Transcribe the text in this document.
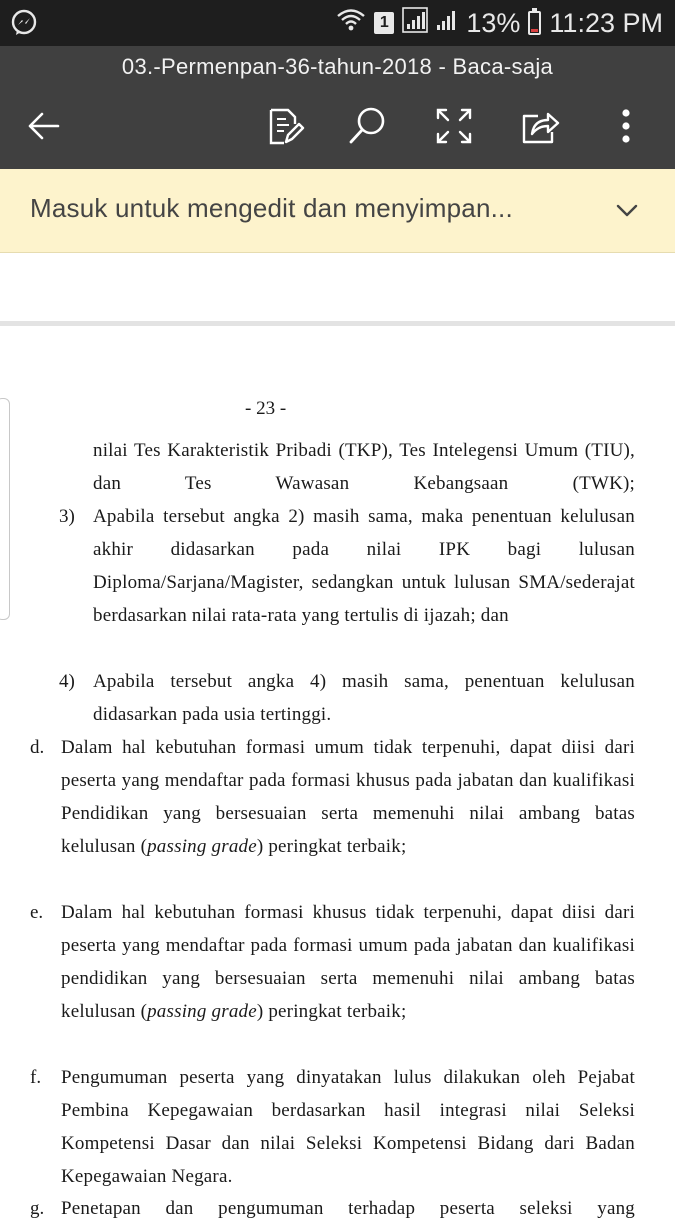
1	13% 11:23 PM
03.-Permenpan-36-tahun-2018 - Baca-saja
Masuk untuk mengedit dan menyimpan...
- 23 -
nilai Tes Karakteristik Pribadi (TKP), Tes Intelegensi Umum (TIU), dan Tes Wawasan Kebangsaan (TWK);
3) Apabila tersebut angka 2) masih sama, maka penentuan kelulusan akhir didasarkan pada nilai IPK bagi lulusan Diploma/Sarjana/Magister, sedangkan untuk lulusan SMA/sederajat berdasarkan nilai rata-rata yang tertulis di ijazah; dan
4) Apabila tersebut angka 4) masih sama, penentuan kelulusan didasarkan pada usia tertinggi.
d. Dalam hal kebutuhan formasi umum tidak terpenuhi, dapat diisi dari peserta yang mendaftar pada formasi khusus pada jabatan dan kualifikasi Pendidikan yang bersesuaian serta memenuhi nilai ambang batas kelulusan (passing grade) peringkat terbaik;
e. Dalam hal kebutuhan formasi khusus tidak terpenuhi, dapat diisi dari peserta yang mendaftar pada formasi umum pada jabatan dan kualifikasi pendidikan yang bersesuaian serta memenuhi nilai ambang batas kelulusan (passing grade) peringkat terbaik;
f. Pengumuman peserta yang dinyatakan lulus dilakukan oleh Pejabat Pembina Kepegawaian berdasarkan hasil integrasi nilai Seleksi Kompetensi Dasar dan nilai Seleksi Kompetensi Bidang dari Badan Kepegawaian Negara.
g. Penetapan dan pengumuman terhadap peserta seleksi yang
